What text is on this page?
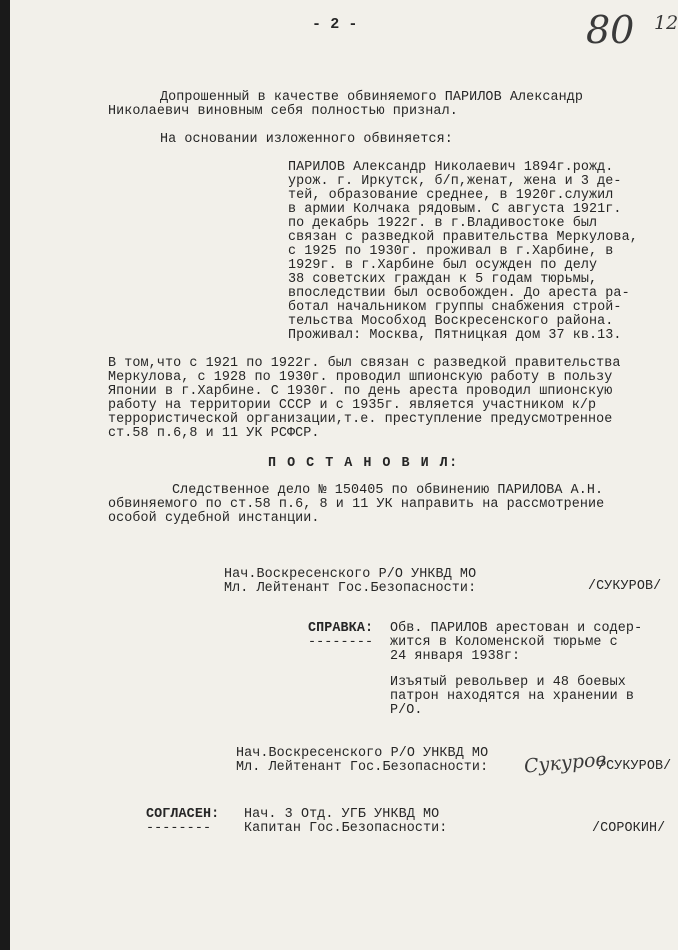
- 2 -	80 12
Допрошенный в качестве обвиняемого ПАРИЛОВ Александр
Николаевич виновным себя полностью признал.
На основании изложенного обвиняется:
ПАРИЛОВ Александр Николаевич 1894г.рожд.
урож. г. Иркутск, б/п,женат, жена и 3 де-
тей, образование среднее, в 1920г.служил
в армии Колчака рядовым. С августа 1921г.
по декабрь 1922г. в г.Владивостоке был
связан с разведкой правительства Меркулова,
с 1925 по 1930г. проживал в г.Харбине, в
1929г. в г.Харбине был осужден по делу
38 советских граждан к 5 годам тюрьмы,
впоследствии был освобожден. До ареста ра-
ботал начальником группы снабжения строй-
тельства Мособход Воскресенского района.
Проживал: Москва, Пятницкая дом 37 кв.13.
В том,что с 1921 по 1922г. был связан с разведкой правительства
Меркулова, с 1928 по 1930г. проводил шпионскую работу в пользу
Японии в г.Харбине. С 1930г. по день ареста проводил шпионскую
работу на территории СССР и с 1935г. является участником к/р
террористической организации,т.е. преступление предусмотренное
ст.58 п.6,8 и 11 УК РСФСР.
П О С Т А Н О В И Л:
Следственное дело № 150405 по обвинению ПАРИЛОВА А.Н.
обвиняемого по ст.58 п.6, 8 и 11 УК направить на рассмотрение
особой судебной инстанции.
Нач.Воскресенского Р/О УНКВД МО
Мл. Лейтенант Гос.Безопасности:	/СУКУРОВ/
СПРАВКА:
--------
Обв. ПАРИЛОВ арестован и содер-
жится в Коломенской тюрьме с
24 января 1938г:
Изъятый револьвер и 48 боевых
патрон находятся на хранении в
Р/О.
Нач.Воскресенского Р/О УНКВД МО
Мл. Лейтенант Гос.Безопасности: Сукуров
/СУКУРОВ/
СОГЛАСЕН:
--------
Нач. 3 Отд. УГБ УНКВД МО
Капитан Гос.Безопасности:	/СОРОКИН/
